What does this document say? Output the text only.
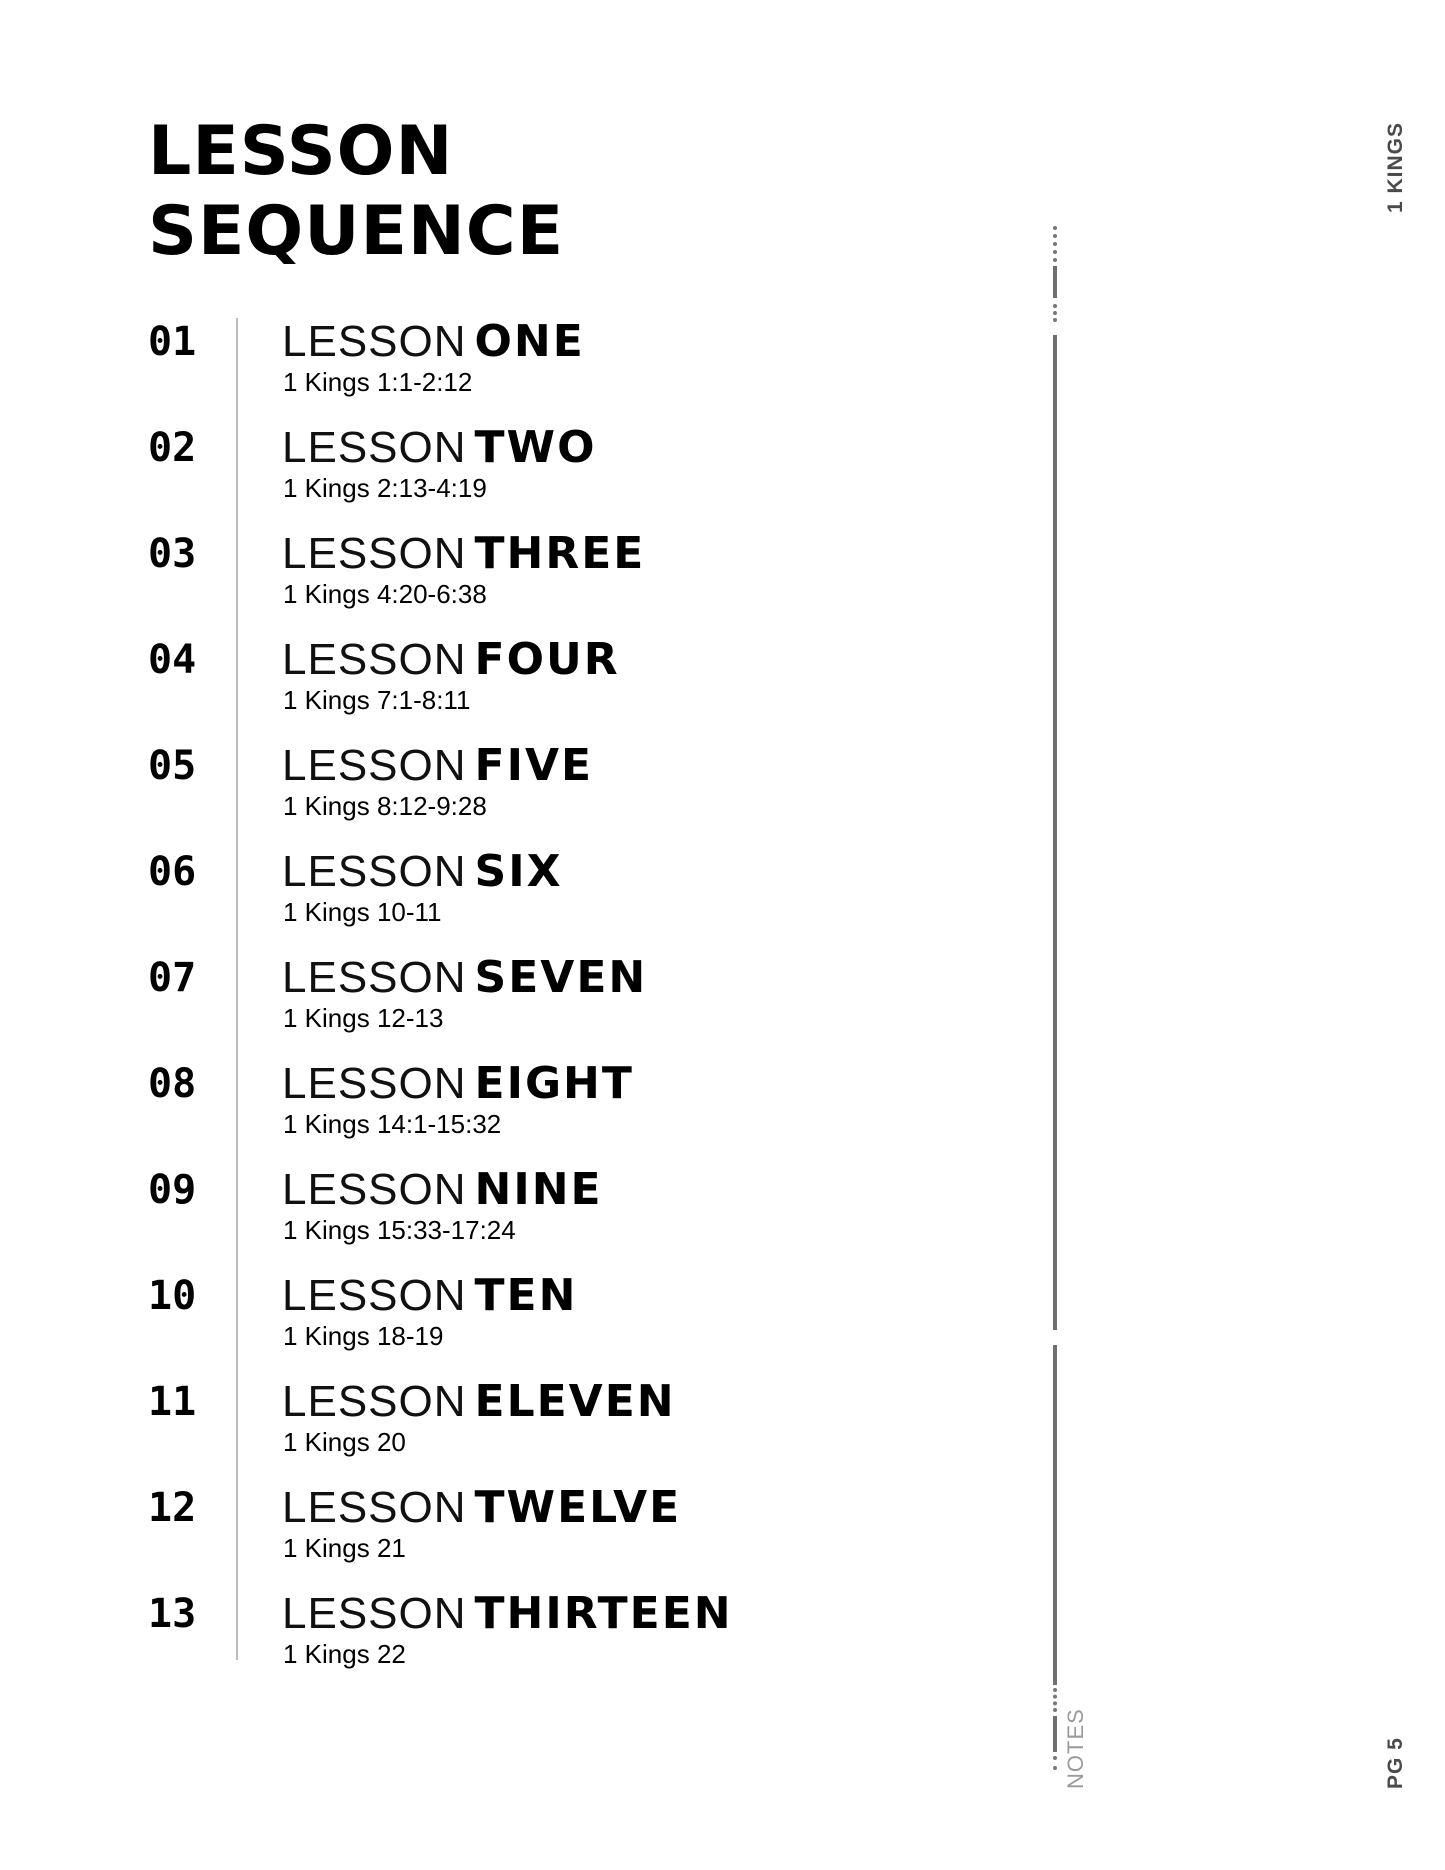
LESSON
SEQUENCE
01 LESSON ONE
1 Kings 1:1-2:12
02 LESSON TWO
1 Kings 2:13-4:19
03 LESSON THREE
1 Kings 4:20-6:38
04 LESSON FOUR
1 Kings 7:1-8:11
05 LESSON FIVE
1 Kings 8:12-9:28
06 LESSON SIX
1 Kings 10-11
07 LESSON SEVEN
1 Kings 12-13
08 LESSON EIGHT
1 Kings 14:1-15:32
09 LESSON NINE
1 Kings 15:33-17:24
10 LESSON TEN
1 Kings 18-19
11 LESSON ELEVEN
1 Kings 20
12 LESSON TWELVE
1 Kings 21
13 LESSON THIRTEEN
1 Kings 22
NOTES
1 KINGS
PG 5
